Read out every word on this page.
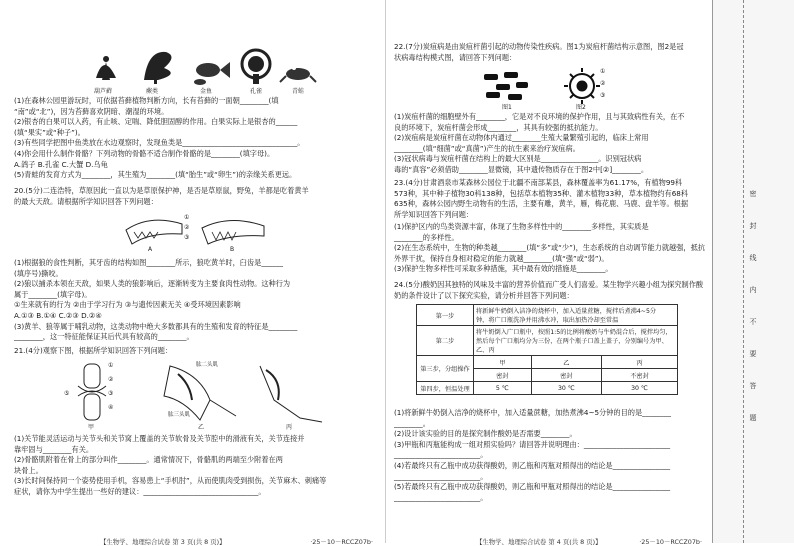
葫芦藓	蕨类	金鱼	孔雀	青蛙
(1)在森林公园里游玩时，可依据苔藓植物判断方向，长有苔藓的一面朝________(填
“南”或“北”)，因为苔藓喜欢阴暗、潮湿的环境。
(2)银杏的白果可以入药，有止咳、定喘、降低胆固醇的作用。白果实际上是银杏的______
(填“果实”或“种子”)。
(3)有些同学把图中鱼类放在水边观察时，发现鱼类是________________________________。
(4)你会用什么制作骨骼？下列动物的骨骼不适合制作骨骼的是________(填字母)。
A.鸽子 B.孔雀 C.大蟹 D.乌龟
(5)青蛙的发育方式为________，其生殖为________(填“胎生”或“卵生”)的亲缘关系更远。
20.(5分)二连浩特，草原因此一直以为是草原保护神，是否是草原鼠，野兔，羊都是吃着黄羊
的最大天敌。请根据所学知识回答下列问题：
A	B
①
②
③
(1)根据狼的食性判断，其牙齿的结构如图________所示，狼吃黄羊时，臼齿是______
(填序号)撕咬。
(2)狼以捕杀本领在天敌，如果人类的狼影响后，逐渐转变为主要食肉性动物。这种行为
属于________(填字母)。
①生来就有的行为 ②由于学习行为 ③与遗传因素无关 ④受环境因素影响
A.①③ B.①④ C.②③ D.②④
(3)黄羊、狼等属于哺乳动物，这类动物中绝大多数都具有的生殖和发育的特征是________
________，这一特征能保证其后代具有较高的________。
21.(4分)观察下图，根据所学知识回答下列问题：
甲	乙	丙
①
②
③
④
⑤
肱二头肌
肱三头肌
(1)关节能灵活运动与关节头和关节窝上覆盖的关节软骨及关节腔中的滑液有关，关节连接并
靠牢固与________有关。
(2)骨骼肌附着在骨上的部分叫作________。通常情况下，骨骼肌的两端至少附着在两
块骨上。
(3)长时间保持同一个姿势使用手机，容易患上“手机肘”，从而使肌肉受到损伤，关节麻木、刺痛等
症状，请你为中学生提出一些好的建议：________________________________。
【生物学、地理综合试卷 第 3 页(共 8 页)】	·25－10－RCCZ07b·
22.(7分)炭疽病是由炭疽杆菌引起的动物传染性疾病。图1为炭疽杆菌结构示意图，图2是冠
状病毒结构模式图，请回答下列问题：
图1	图2
①
②
③
(1)炭疽杆菌的细胞壁外有________，它是对不良环境的保护作用，且与其致病性有关，在不
良的环境下，炭疽杆菌会形成________，其具有较强的抵抗能力。
(2)炭疽病是炭疽杆菌在动物体内通过________生殖大量繁殖引起的，临床上常用
________(填“细菌”或“真菌”)产生的抗生素来治疗炭疽病。
(3)冠状病毒与炭疽杆菌在结构上的最大区别是________________。识别冠状病
毒的“真容”必须借助________显微镜，其中遗传物质存在于图2中[②]________。
23.(4分)甘肃酒泉市某森林公园位于北疆不南部某县，森林覆盖率为61.17%，有植物99科
573种，其中种子植物30科138种，包括草本植物35种、灌木植物33种，草本植物约有68科
635种，森林公园内野生动物有的生活，主要有雕，黄羊，雁，梅花鹿、马鹿、盘羊等。根据
所学知识回答下列问题：
(1)保护区内的鸟类资源丰富，体现了生物多样性中的________多样性，其实质是
________的多样性。
(2)在生态系统中，生物的种类越________(填“多”或“少”)，生态系统的自动调节能力就越强，抵抗
外界干扰，保持自身相对稳定的能力就越________(填“强”或“弱”)。
(3)保护生物多样性可采取多种措施，其中最有效的措施是________。
24.(5分)酸奶因其独特的风味及丰富的营养价值而广受人们喜爱。某生物学兴趣小组为探究制作酸
奶的条件设计了以下探究实验，请分析并回答下列问题：
第一步	将新鲜牛奶倒入洁净的烧杯中，加入适量蔗糖，搅拌后煮沸4~5分
钟，将广口瓶洗净并用沸水冲，取出加热冷却至常温		

第二步	将牛奶倒入广口瓶中，按照1:5的比例将酸奶与牛奶混合后，搅拌均匀，
然后每个广口瓶均分为三份，在两个瓶子口盖上盖子，分别编号为甲、乙、丙		

第三步，分组操作	甲	乙	丙
	密封	密封	不密封
第四步，恒温处理	5 ℃	30 ℃	30 ℃
(1)将新鲜牛奶倒入洁净的烧杯中，加入适量蔗糖，加热煮沸4~5分钟的目的是________
________。
(2)设计该实验的目的是探究制作酸奶是否需要________。
(3)甲瓶和丙瓶能构成一组对照实验吗？请回答并说明理由：________________________
________________________。
(4)若最终只有乙瓶中成功获得酸奶，则乙瓶和丙瓶对照得出的结论是________________
________________________。
(5)若最终只有乙瓶中成功获得酸奶，则乙瓶和甲瓶对照得出的结论是________________
________________________。
【生物学、地理综合试卷 第 4 页(共 8 页)】	·25－10－RCCZ07b·
密
封
线
内
不
要
答
题
